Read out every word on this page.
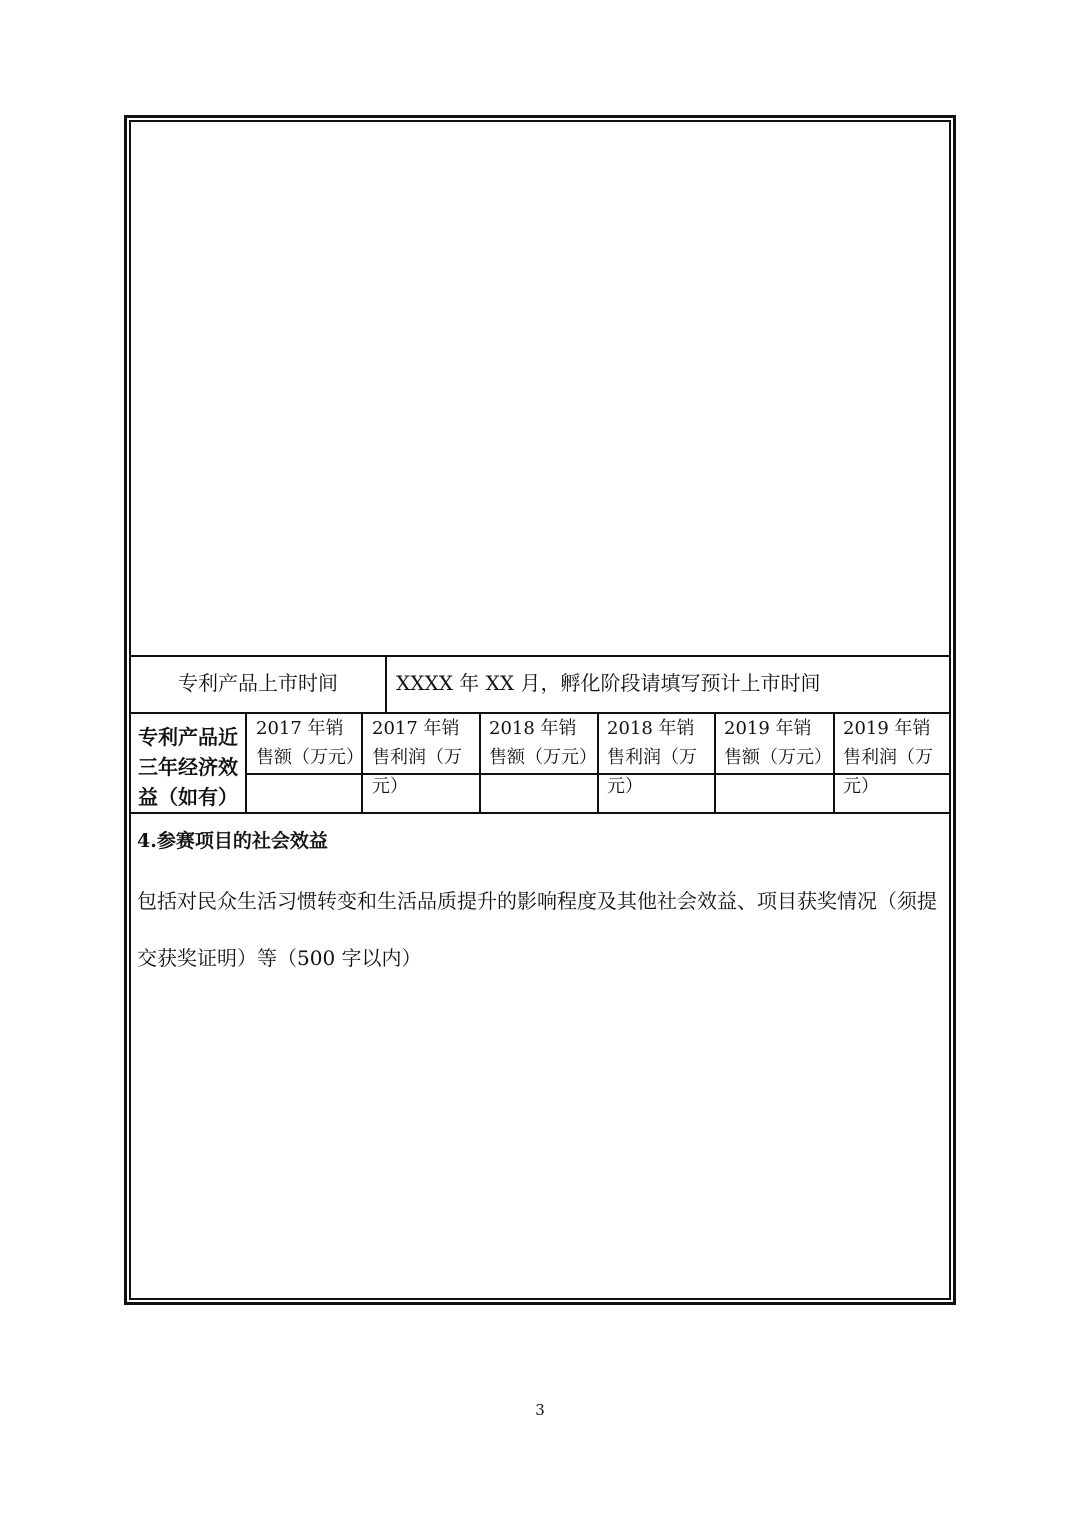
专利产品上市时间	XXXX 年 XX 月，孵化阶段请填写预计上市时间
专利产品近三年经济效益（如有）
2017 年销售额（万元）
2017 年销售利润（万元）
2018 年销售额（万元）
2018 年销售利润（万元）
2019 年销售额（万元）
2019 年销售利润（万元）
4.参赛项目的社会效益
包括对民众生活习惯转变和生活品质提升的影响程度及其他社会效益、项目获奖情况（须提交获奖证明）等（500 字以内）
3
